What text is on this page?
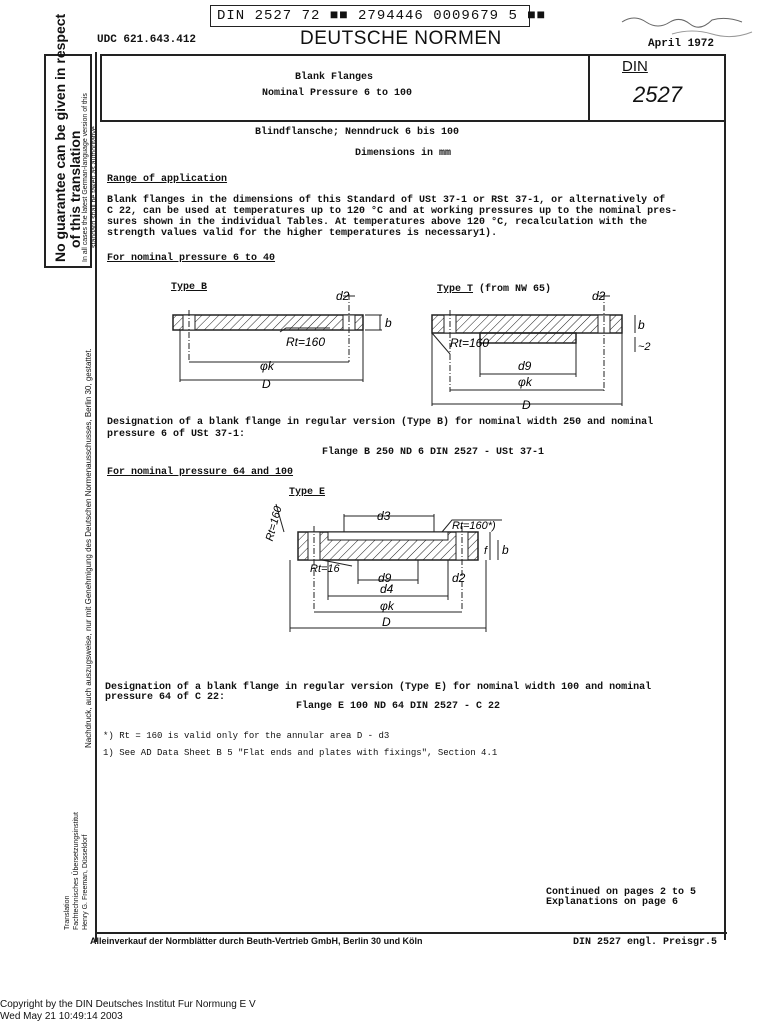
DIN 2527 72 ■■ 2794446 0009679 5 ■■
UDC 621.643.412	DEUTSCHE NORMEN	April 1972
Blank Flanges
Nominal Pressure 6 to 100
DIN
2527
No guarantee can be given in respect of this translation In all cases the latest German-language version of this standard shall be taken as authoritative
Nachdruck, auch auszugsweise, nur mit Genehmigung des Deutschen Normenausschusses, Berlin 30, gestattet.
Translation Fachtechnisches Übersetzungsinstitut Henry G. Freeman, Düsseldorf
Blindflansche; Nenndruck 6 bis 100
Dimensions in mm
Range of application
Blank flanges in the dimensions of this Standard of USt 37-1 or RSt 37-1, or alternatively of
C 22, can be used at temperatures up to 120 °C and at working pressures up to the nominal pres-
sures shown in the individual Tables. At temperatures above 120 °C, recalculation with the
strength values valid for the higher temperatures is necessary1).
For nominal pressure 6 to 40
Type B	Type T (from NW 65)
d2
b
Rt=160
φk
D
d2
b
~2
Rt=160
d9
φk
D
Designation of a blank flange in regular version (Type B) for nominal width 250 and nominal
pressure 6 of USt 37-1:
Flange B 250 ND 6 DIN 2527 - USt 37-1
For nominal pressure 64 and 100
Type E
Rt=160	d3
Rt=160*)
f b
Rt=16
d9	d2
d4
φk
D
Designation of a blank flange in regular version (Type E) for nominal width 100 and nominal
pressure 64 of C 22:
Flange E 100 ND 64 DIN 2527 - C 22
*) Rt = 160 is valid only for the annular area D - d3
1) See AD Data Sheet B 5 "Flat ends and plates with fixings", Section 4.1
Continued on pages 2 to 5
Explanations on page 6
Alleinverkauf der Normblätter durch Beuth-Vertrieb GmbH, Berlin 30 und Köln	DIN 2527 engl. Preisgr.5
Copyright by the DIN Deutsches Institut Fur Normung E V
Wed May 21 10:49:14 2003
